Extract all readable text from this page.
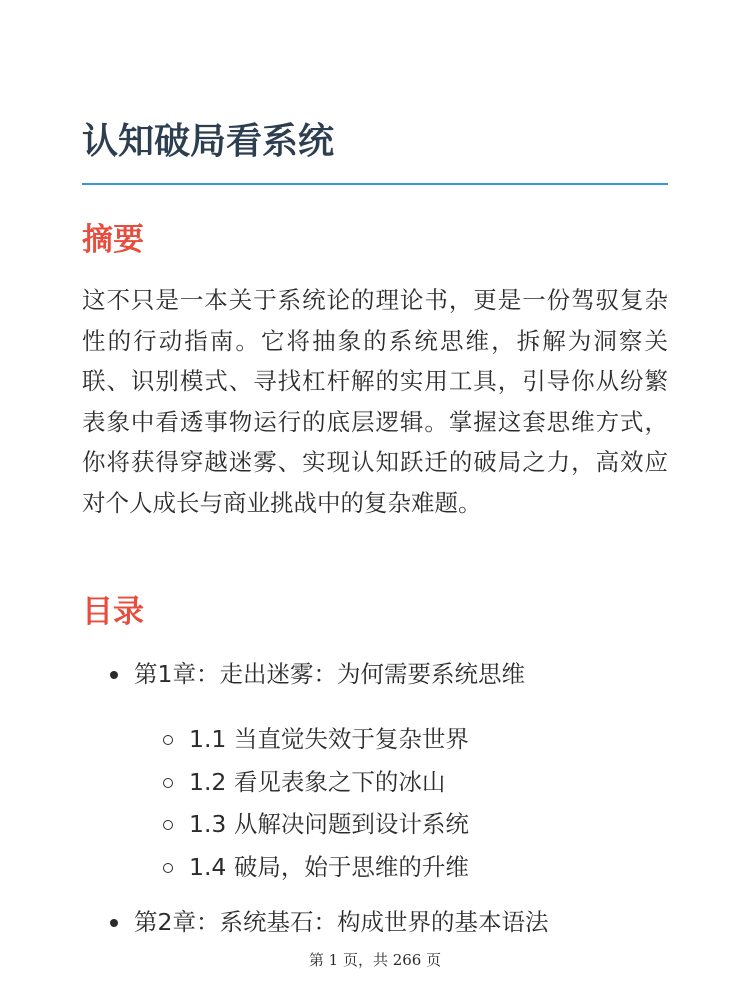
认知破局看系统
摘要

这不只是一本关于系统论的理论书，更是一份驾驭复杂性的行动指南。它将抽象的系统思维，拆解为洞察关联、识别模式、寻找杠杆解的实用工具，引导你从纷繁表象中看透事物运行的底层逻辑。掌握这套思维方式，你将获得穿越迷雾、实现认知跃迁的破局之力，高效应对个人成长与商业挑战中的复杂难题。

目录
第1章：走出迷雾：为何需要系统思维
1.1 当直觉失效于复杂世界
1.2 看见表象之下的冰山
1.3 从解决问题到设计系统
1.4 破局，始于思维的升维
第2章：系统基石：构成世界的基本语法
第 1 页，共 266 页
